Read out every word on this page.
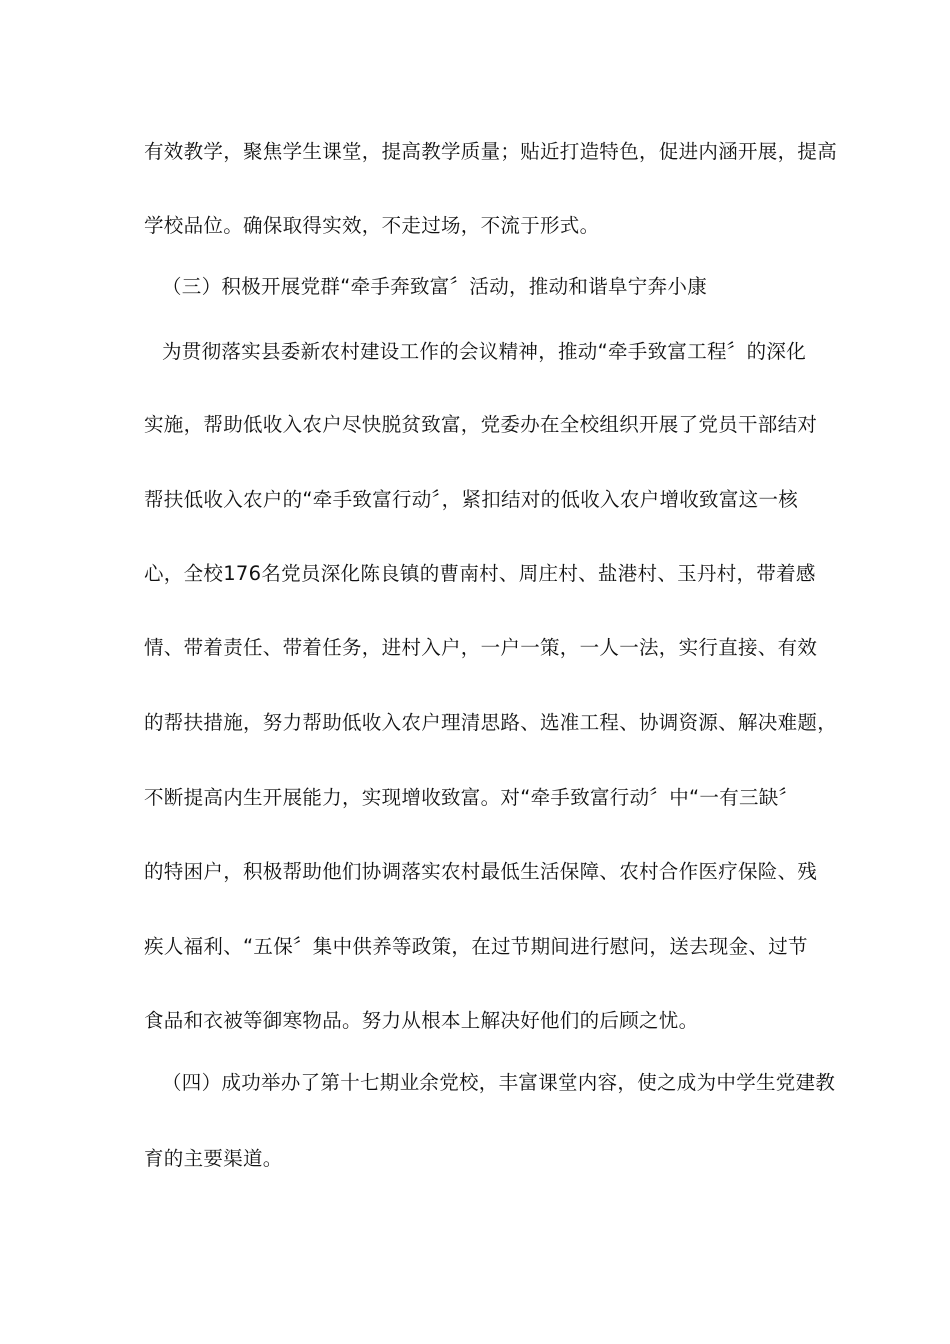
有效教学，聚焦学生课堂，提高教学质量；贴近打造特色，促进内涵开展，提高
学校品位。确保取得实效，不走过场，不流于形式。
（三）积极开展党群“牵手奔致富〞活动，推动和谐阜宁奔小康
为贯彻落实县委新农村建设工作的会议精神，推动“牵手致富工程〞的深化
实施，帮助低收入农户尽快脱贫致富，党委办在全校组织开展了党员干部结对
帮扶低收入农户的“牵手致富行动〞，紧扣结对的低收入农户增收致富这一核
心，全校176名党员深化陈良镇的曹南村、周庄村、盐港村、玉丹村，带着感
情、带着责任、带着任务，进村入户，一户一策，一人一法，实行直接、有效
的帮扶措施，努力帮助低收入农户理清思路、选准工程、协调资源、解决难题，
不断提高内生开展能力，实现增收致富。对“牵手致富行动〞中“一有三缺〞
的特困户，积极帮助他们协调落实农村最低生活保障、农村合作医疗保险、残
疾人福利、“五保〞集中供养等政策，在过节期间进行慰问，送去现金、过节
食品和衣被等御寒物品。努力从根本上解决好他们的后顾之忧。
（四）成功举办了第十七期业余党校，丰富课堂内容，使之成为中学生党建教
育的主要渠道。
